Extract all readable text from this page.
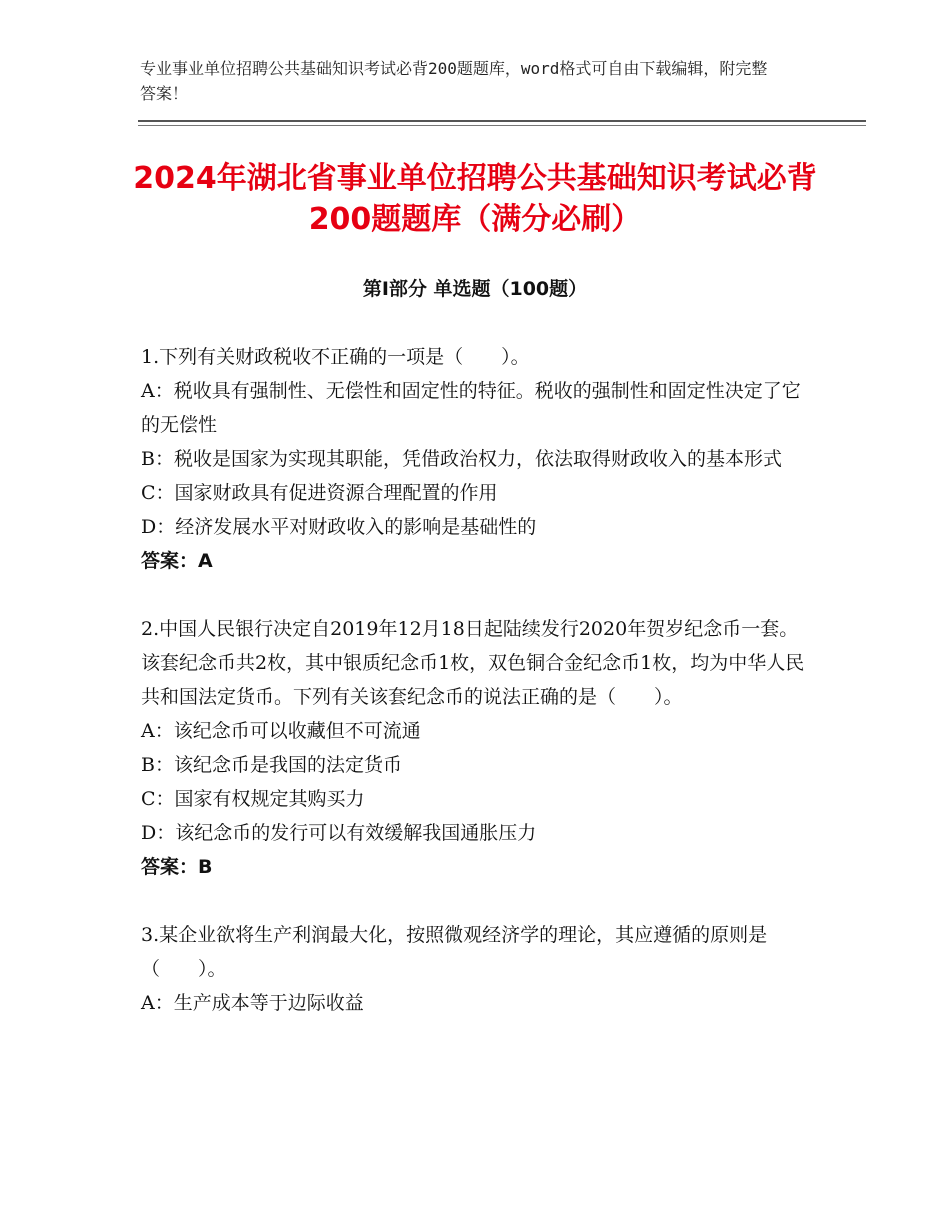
专业事业单位招聘公共基础知识考试必背200题题库，word格式可自由下载编辑，附完整答案！
2024年湖北省事业单位招聘公共基础知识考试必背200题题库（满分必刷）
第I部分 单选题（100题）
1.下列有关财政税收不正确的一项是（　　）。
A：税收具有强制性、无偿性和固定性的特征。税收的强制性和固定性决定了它的无偿性
B：税收是国家为实现其职能，凭借政治权力，依法取得财政收入的基本形式
C：国家财政具有促进资源合理配置的作用
D：经济发展水平对财政收入的影响是基础性的
答案：A
2.中国人民银行决定自2019年12月18日起陆续发行2020年贺岁纪念币一套。该套纪念币共2枚，其中银质纪念币1枚，双色铜合金纪念币1枚，均为中华人民共和国法定货币。下列有关该套纪念币的说法正确的是（　　）。
A：该纪念币可以收藏但不可流通
B：该纪念币是我国的法定货币
C：国家有权规定其购买力
D：该纪念币的发行可以有效缓解我国通胀压力
答案：B
3.某企业欲将生产利润最大化，按照微观经济学的理论，其应遵循的原则是（　　）。
A：生产成本等于边际收益
